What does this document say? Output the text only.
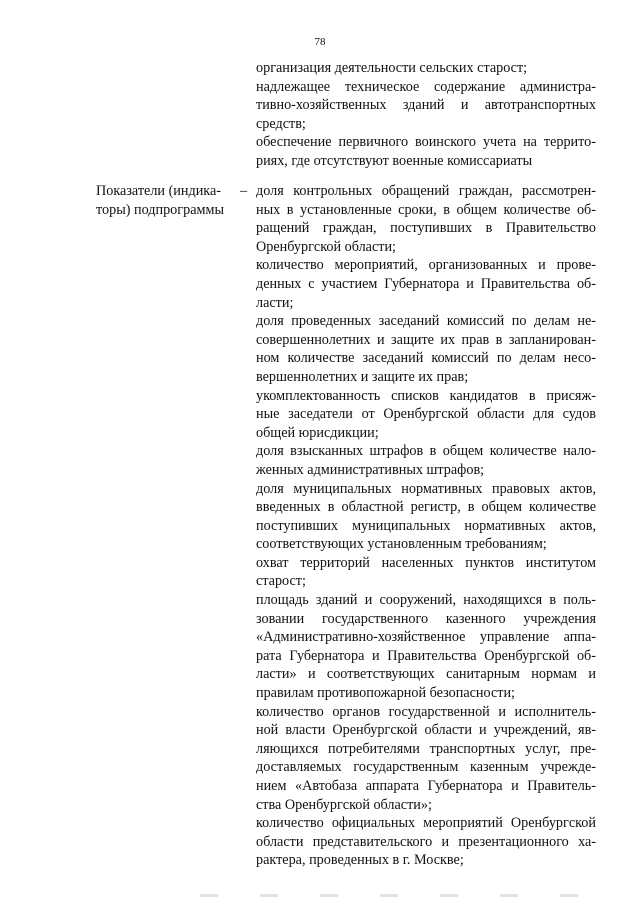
78
организация деятельности сельских старост;
надлежащее техническое содержание администра-
тивно-хозяйственных зданий и автотранспортных
средств;
обеспечение первичного воинского учета на террито-
риях, где отсутствуют военные комиссариаты
Показатели (индика-
торы) подпрограммы
– доля контрольных обращений граждан, рассмотрен-
ных в установленные сроки, в общем количестве об-
ращений граждан, поступивших в Правительство
Оренбургской области;
количество мероприятий, организованных и прове-
денных с участием Губернатора и Правительства об-
ласти;
доля проведенных заседаний комиссий по делам не-
совершеннолетних и защите их прав в запланирован-
ном количестве заседаний комиссий по делам несо-
вершеннолетних и защите их прав;
укомплектованность списков кандидатов в присяж-
ные заседатели от Оренбургской области для судов
общей юрисдикции;
доля взысканных штрафов в общем количестве нало-
женных административных штрафов;
доля муниципальных нормативных правовых актов,
введенных в областной регистр, в общем количестве
поступивших муниципальных нормативных актов,
соответствующих установленным требованиям;
охват территорий населенных пунктов институтом
старост;
площадь зданий и сооружений, находящихся в поль-
зовании государственного казенного учреждения
«Административно-хозяйственное управление аппа-
рата Губернатора и Правительства Оренбургской об-
ласти» и соответствующих санитарным нормам и
правилам противопожарной безопасности;
количество органов государственной и исполнитель-
ной власти Оренбургской области и учреждений, яв-
ляющихся потребителями транспортных услуг, пре-
доставляемых государственным казенным учрежде-
нием «Автобаза аппарата Губернатора и Правитель-
ства Оренбургской области»;
количество официальных мероприятий Оренбургской
области представительского и презентационного ха-
рактера, проведенных в г. Москве;
